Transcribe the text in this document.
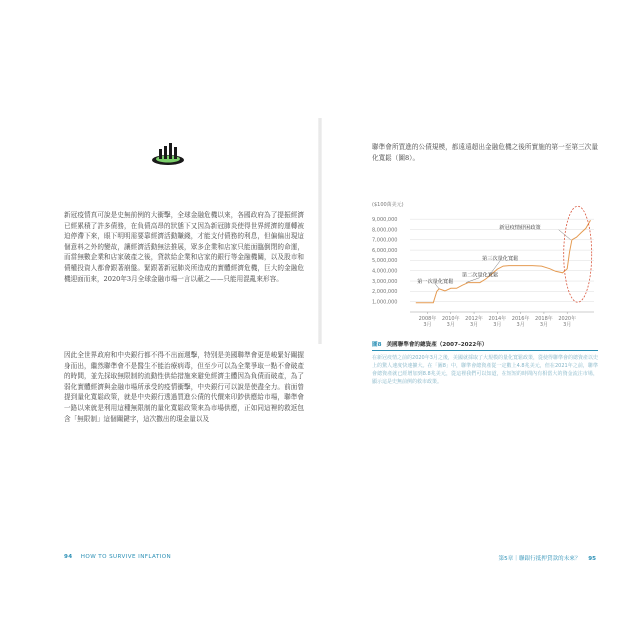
新冠疫情真可說是史無前例的大衝擊，全球金融危機以來，各國政府為了提振經濟已經累積了許多債務，在負債高昂的狀態下又因為新冠肺炎使得世界經濟的運轉被迫停滯下來，眼下明明需要靠經濟活動賺錢，才能支付債務的利息，但偏偏出現這個意料之外的變故，讓經濟活動無法推展，眾多企業和店家只能面臨倒閉的命運，而當無數企業和店家破產之後，貸款給企業和店家的銀行等金融機關，以及股市和債權投資人都會跟著崩盤。緊跟著新冠肺炎所造成的實體經濟危機，巨大的金融危機迎面而來，2020年3月全球金融市場一言以蔽之——只能用混亂來形容。

因此全世界政府和中央銀行都不得不出面週擊，特別是美國聯準會更是峻緊好關握身而出，繼然聯準會不是醫生不能治療病毒，但至少可以為全業爭取一點不會破產的時間，並先採取無限制的流動性供給措施來避免經濟主體因為負債而破產，為了弱化實體經濟與金融市場所承受的疫情衝擊，中央銀行可以說是使盡全力。前面曾提到量化寬鬆政策，就是中央銀行透過買進公債的代價來印鈔供應給市場，聯準會一路以來就是利用這種無限制的量化寬鬆政策來為市場供應，正如同這裡的救返包含「無限制」這個關鍵字，這次撒出的現金量以及

聯準會所買進的公債規模，都遠遠超出金融危機之後所實施的第一至第三次量化寬鬆（圖8）。

($100萬美元)
9,000,000
8,000,000
7,000,000
6,000,000
5,000,000
4,000,000
3,000,000
2,000,000
1,000,000
2008年
3月
2010年
3月
2012年
3月
2014年
3月
2016年
3月
2018年
3月
2020年
3月
第一次量化寬鬆
第二次量化寬鬆
第三次量化寬鬆
新冠疫情紓困政策
圖8 美國聯準會的總資產（2007–2022年）

在新冠疫情之前的2020年3月之後，美國就採取了大規模的量化寬鬆政策，從使得聯準會的總資產以史上的驚人速度快速擴大。在「圖8」中，聯準會總資產從一定數上4.8兆美元，但在2021年之前，聯準會總資產就已經增加到8.8兆美元，從這裡我們可以知道，在短短的時間內有相當大的資金流注市場，顯示這是史無前例的救市政策。

94 HOW TO SURVIVE INFLATION	第5章｜聯銀行抵押貸款的未來？ 95
